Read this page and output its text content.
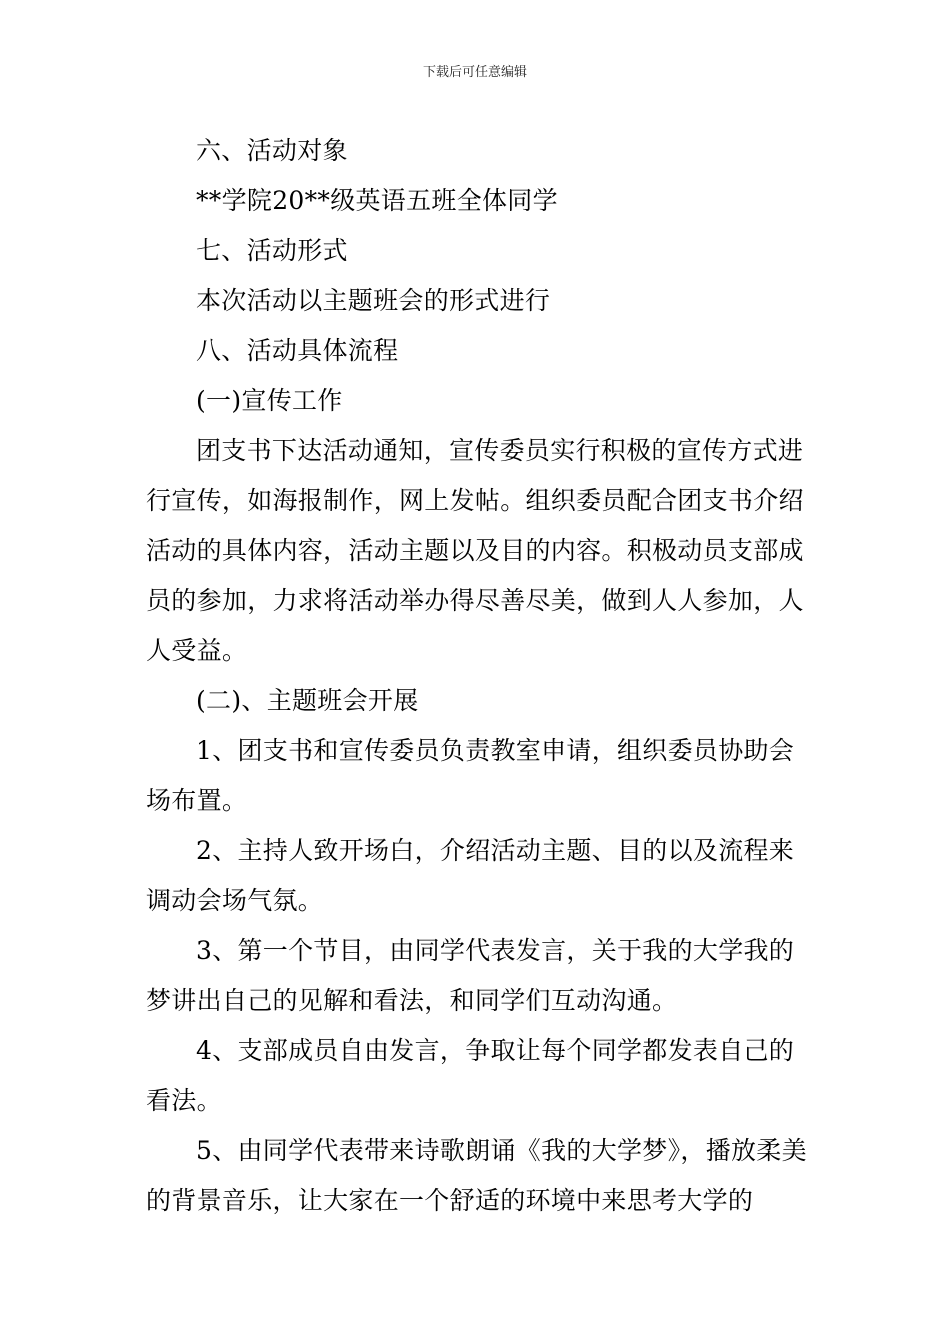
下载后可任意编辑

六、活动对象

**学院20**级英语五班全体同学

七、活动形式

本次活动以主题班会的形式进行

八、活动具体流程

(一)宣传工作

团支书下达活动通知，宣传委员实行积极的宣传方式进行宣传，如海报制作，网上发帖。组织委员配合团支书介绍活动的具体内容，活动主题以及目的内容。积极动员支部成员的参加，力求将活动举办得尽善尽美，做到人人参加，人人受益。

(二)、主题班会开展

1、团支书和宣传委员负责教室申请，组织委员协助会场布置。

2、主持人致开场白，介绍活动主题、目的以及流程来调动会场气氛。

3、第一个节目，由同学代表发言，关于我的大学我的梦讲出自己的见解和看法，和同学们互动沟通。

4、支部成员自由发言，争取让每个同学都发表自己的看法。

5、由同学代表带来诗歌朗诵《我的大学梦》，播放柔美的背景音乐，让大家在一个舒适的环境中来思考大学的
